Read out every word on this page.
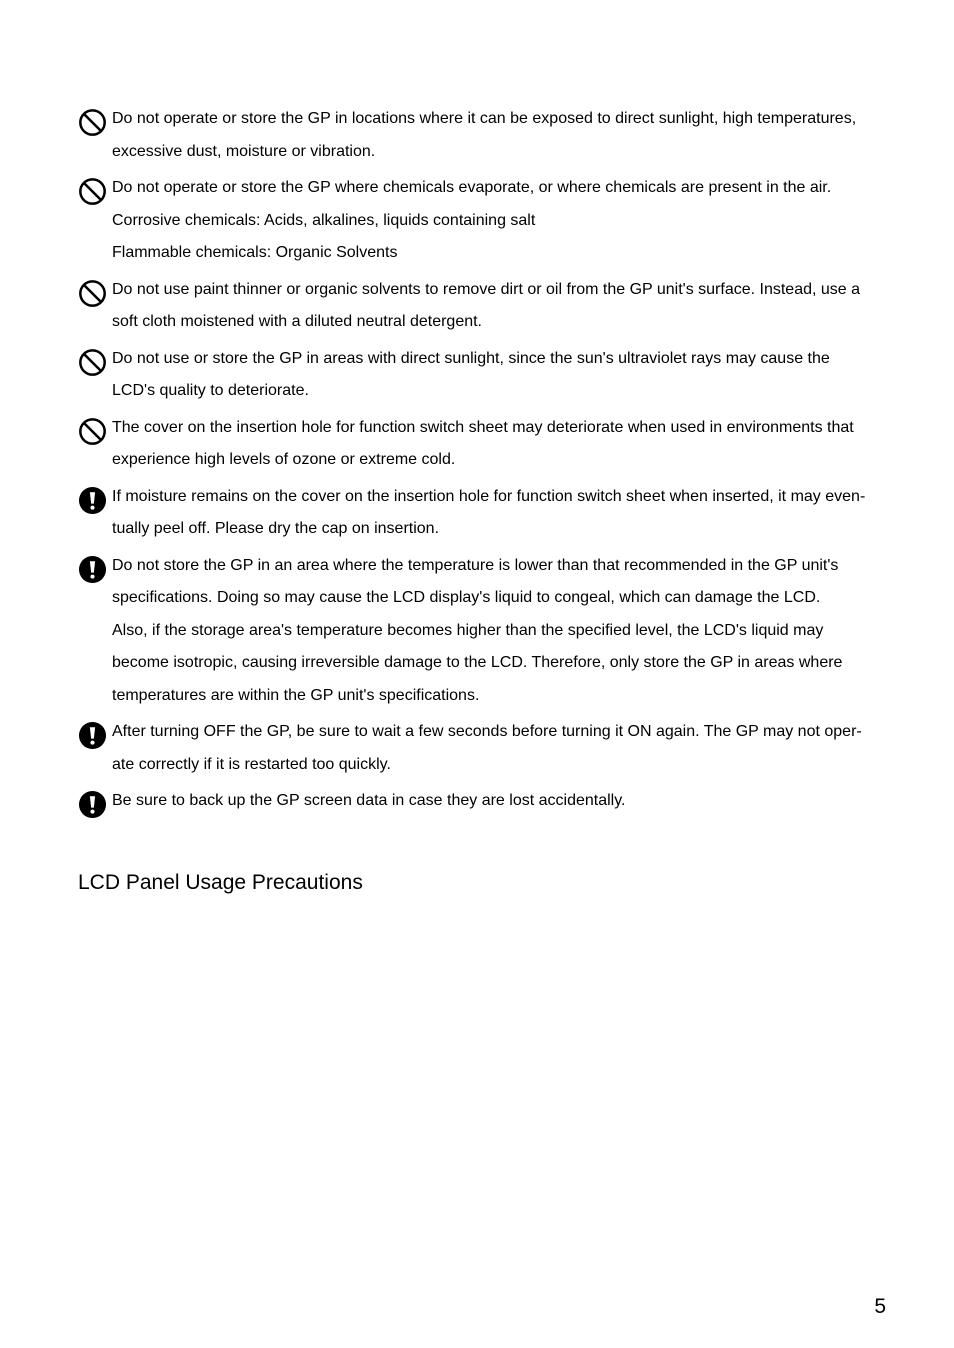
Do not operate or store the GP in locations where it can be exposed to direct sunlight, high temperatures,
excessive dust, moisture or vibration.
Do not operate or store the GP where chemicals evaporate, or where chemicals are present in the air.
Corrosive chemicals: Acids, alkalines, liquids containing salt
Flammable chemicals: Organic Solvents
Do not use paint thinner or organic solvents to remove dirt or oil from the GP unit's surface. Instead, use a
soft cloth moistened with a diluted neutral detergent.
Do not use or store the GP in areas with direct sunlight, since the sun's ultraviolet rays may cause the
LCD's quality to deteriorate.
The cover on the insertion hole for function switch sheet may deteriorate when used in environments that
experience high levels of ozone or extreme cold.
If moisture remains on the cover on the insertion hole for function switch sheet when inserted, it may even-
tually peel off. Please dry the cap on insertion.
Do not store the GP in an area where the temperature is lower than that recommended in the GP unit's
specifications. Doing so may cause the LCD display's liquid to congeal, which can damage the LCD.
Also, if the storage area's temperature becomes higher than the specified level, the LCD's liquid may
become isotropic, causing irreversible damage to the LCD. Therefore, only store the GP in areas where
temperatures are within the GP unit's specifications.
After turning OFF the GP, be sure to wait a few seconds before turning it ON again. The GP may not oper-
ate correctly if it is restarted too quickly.
Be sure to back up the GP screen data in case they are lost accidentally.
LCD Panel Usage Precautions
5
